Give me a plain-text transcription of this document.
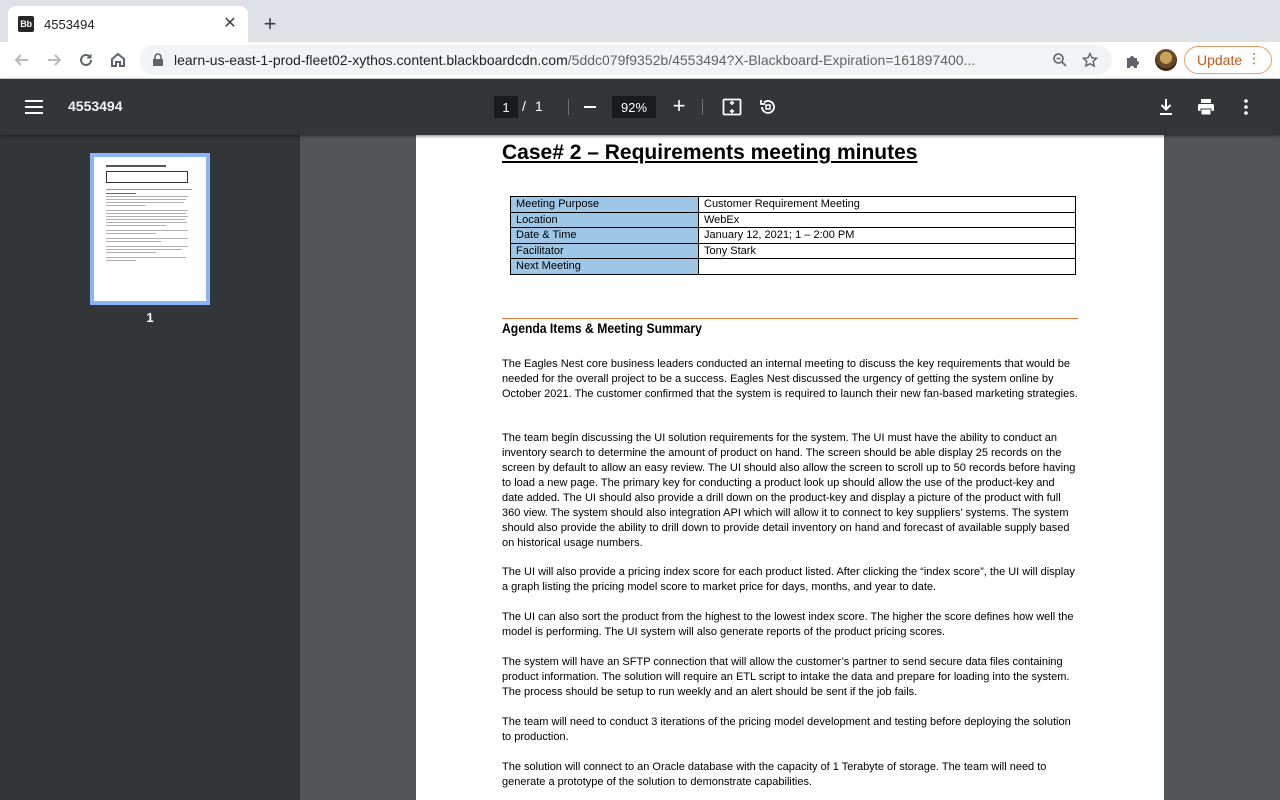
Bb 4553494	✕ +
learn-us-east-1-prod-fleet02-xythos.content.blackboardcdn.com/5ddc079f9352b/4553494?X-Blackboard-Expiration=161897400...	Update ⋮
4553494	1 / 1	92%	+
1
Case# 2 – Requirements meeting minutes
Meeting Purpose	Customer Requirement Meeting
Location	WebEx
Date & Time	January 12, 2021; 1 – 2:00 PM
Facilitator	Tony Stark
Next Meeting	
Agenda Items & Meeting Summary
The Eagles Nest core business leaders conducted an internal meeting to discuss the key requirements that would be needed for the overall project to be a success. Eagles Nest discussed the urgency of getting the system online by October 2021. The customer confirmed that the system is required to launch their new fan-based marketing strategies.
The team begin discussing the UI solution requirements for the system. The UI must have the ability to conduct an inventory search to determine the amount of product on hand. The screen should be able display 25 records on the screen by default to allow an easy review. The UI should also allow the screen to scroll up to 50 records before having to load a new page. The primary key for conducting a product look up should allow the use of the product-key and date added. The UI should also provide a drill down on the product-key and display a picture of the product with full 360 view. The system should also integration API which will allow it to connect to key suppliers’ systems. The system should also provide the ability to drill down to provide detail inventory on hand and forecast of available supply based on historical usage numbers.
The UI will also provide a pricing index score for each product listed. After clicking the “index score”, the UI will display a graph listing the pricing model score to market price for days, months, and year to date.
The UI can also sort the product from the highest to the lowest index score. The higher the score defines how well the model is performing. The UI system will also generate reports of the product pricing scores.
The system will have an SFTP connection that will allow the customer’s partner to send secure data files containing product information. The solution will require an ETL script to intake the data and prepare for loading into the system. The process should be setup to run weekly and an alert should be sent if the job fails.
The team will need to conduct 3 iterations of the pricing model development and testing before deploying the solution to production.
The solution will connect to an Oracle database with the capacity of 1 Terabyte of storage. The team will need to generate a prototype of the solution to demonstrate capabilities.
